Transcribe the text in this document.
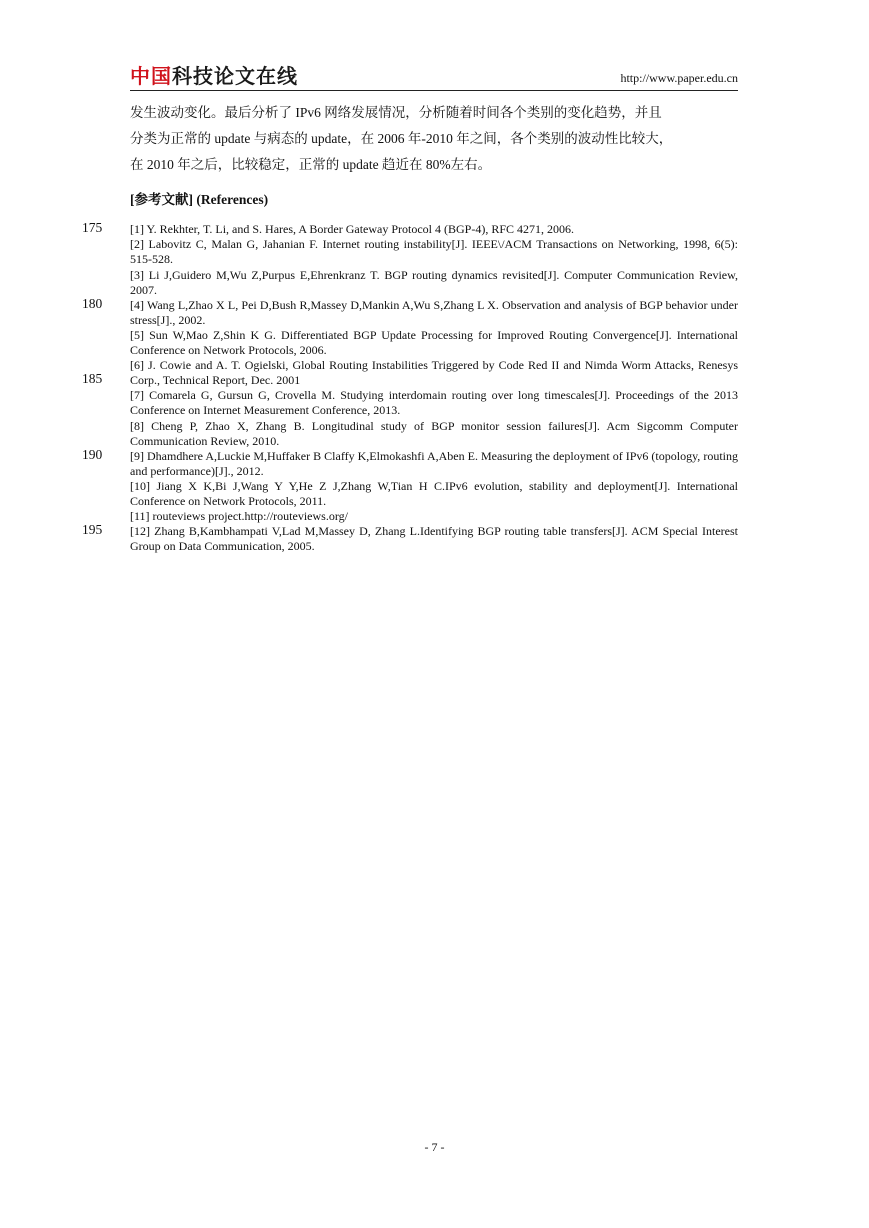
中国科技论文在线	http://www.paper.edu.cn
发生波动变化。最后分析了 IPv6 网络发展情况，分析随着时间各个类别的变化趋势，并且
分类为正常的 update 与病态的 update，在 2006 年-2010 年之间，各个类别的波动性比较大，
在 2010 年之后，比较稳定，正常的 update 趋近在 80%左右。
[参考文献] (References)
[1] Y. Rekhter, T. Li, and S. Hares, A Border Gateway Protocol 4 (BGP-4), RFC 4271, 2006.
[2] Labovitz C, Malan G, Jahanian F. Internet routing instability[J]. IEEE\/ACM Transactions on Networking, 1998, 6(5): 515-528.
[3] Li J,Guidero M,Wu Z,Purpus E,Ehrenkranz T. BGP routing dynamics revisited[J]. Computer Communication Review, 2007.
[4] Wang L,Zhao X L, Pei D,Bush R,Massey D,Mankin A,Wu S,Zhang L X. Observation and analysis of BGP behavior under stress[J]., 2002.
[5] Sun W,Mao Z,Shin K G. Differentiated BGP Update Processing for Improved Routing Convergence[J]. International Conference on Network Protocols, 2006.
[6] J. Cowie and A. T. Ogielski, Global Routing Instabilities Triggered by Code Red II and Nimda Worm Attacks, Renesys Corp., Technical Report, Dec. 2001
[7] Comarela G, Gursun G, Crovella M. Studying interdomain routing over long timescales[J]. Proceedings of the 2013 Conference on Internet Measurement Conference, 2013.
[8] Cheng P, Zhao X, Zhang B. Longitudinal study of BGP monitor session failures[J]. Acm Sigcomm Computer Communication Review, 2010.
[9] Dhamdhere A,Luckie M,Huffaker B Claffy K,Elmokashfi A,Aben E. Measuring the deployment of IPv6 (topology, routing and performance)[J]., 2012.
[10] Jiang X K,Bi J,Wang Y Y,He Z J,Zhang W,Tian H C.IPv6 evolution, stability and deployment[J]. International Conference on Network Protocols, 2011.
[11] routeviews project.http://routeviews.org/
[12] Zhang B,Kambhampati V,Lad M,Massey D, Zhang L.Identifying BGP routing table transfers[J]. ACM Special Interest Group on Data Communication, 2005.
175
180
185
190
195
- 7 -
